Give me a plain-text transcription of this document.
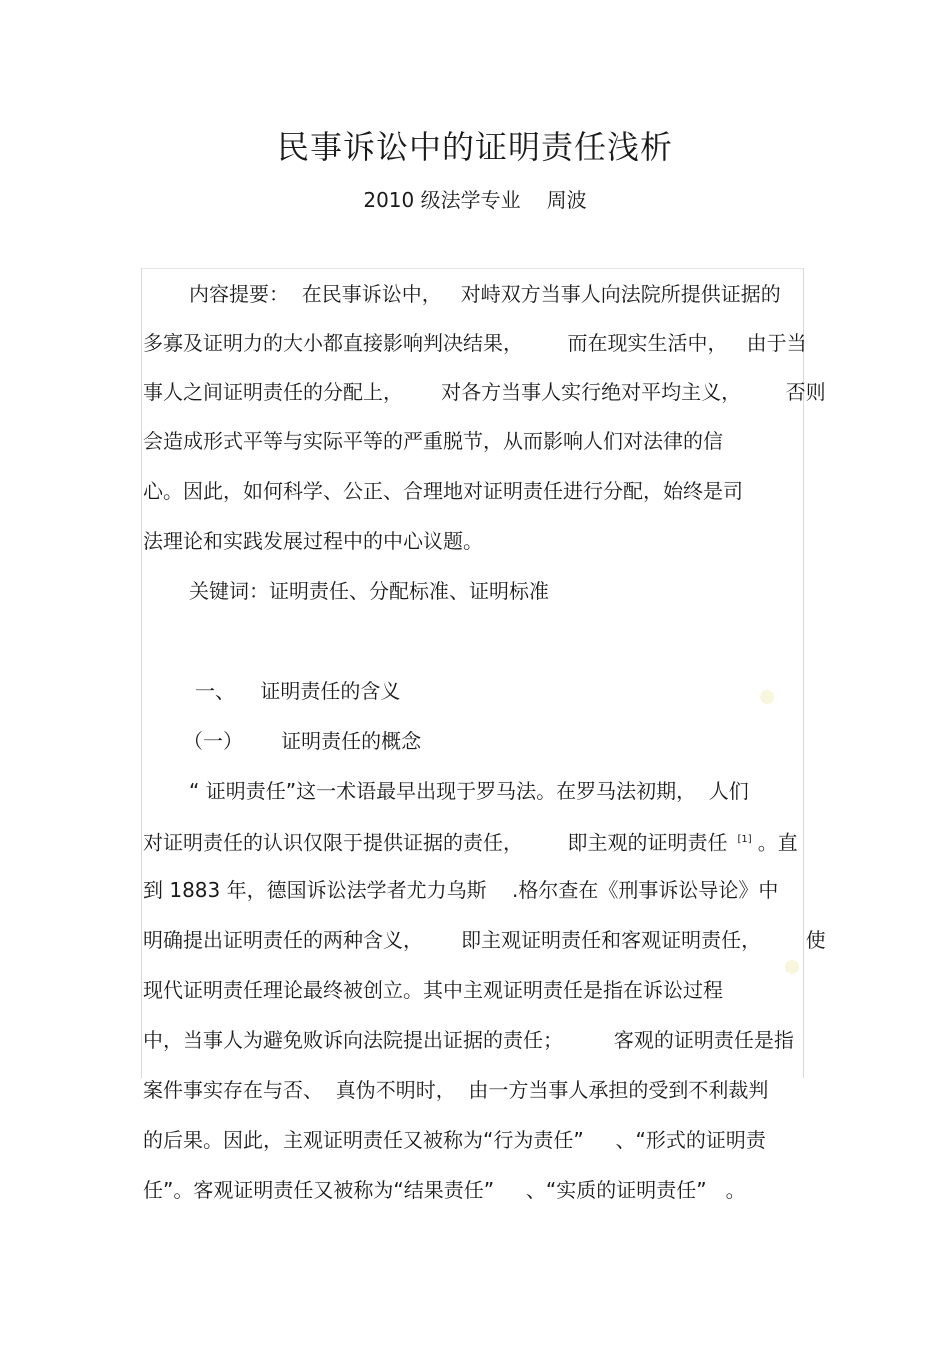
民事诉讼中的证明责任浅析
2010 级法学专业 周波
内容提要：  在民事诉讼中，   对峙双方当事人向法院所提供证据的
多寡及证明力的大小都直接影响判决结果，       而在现实生活中，   由于当
事人之间证明责任的分配上，      对各方当事人实行绝对平均主义，       否则
会造成形式平等与实际平等的严重脱节，从而影响人们对法律的信
心。因此，如何科学、公正、合理地对证明责任进行分配，始终是司
法理论和实践发展过程中的中心议题。
关键词：证明责任、分配标准、证明标准
一、    证明责任的含义
（一）      证明责任的概念
“ 证明责任”这一术语最早出现于罗马法。在罗马法初期，  人们
对证明责任的认识仅限于提供证据的责任，       即主观的证明责任 [1] 。直
到 1883 年，德国诉讼法学者尤力乌斯    .格尔查在《刑事诉讼导论》中
明确提出证明责任的两种含义，      即主观证明责任和客观证明责任，       使
现代证明责任理论最终被创立。其中主观证明责任是指在诉讼过程
中，当事人为避免败诉向法院提出证据的责任；        客观的证明责任是指
案件事实存在与否、  真伪不明时，  由一方当事人承担的受到不利裁判
的后果。因此，主观证明责任又被称为“行为责任”     、“形式的证明责
任”。客观证明责任又被称为“结果责任”     、“实质的证明责任”   。
